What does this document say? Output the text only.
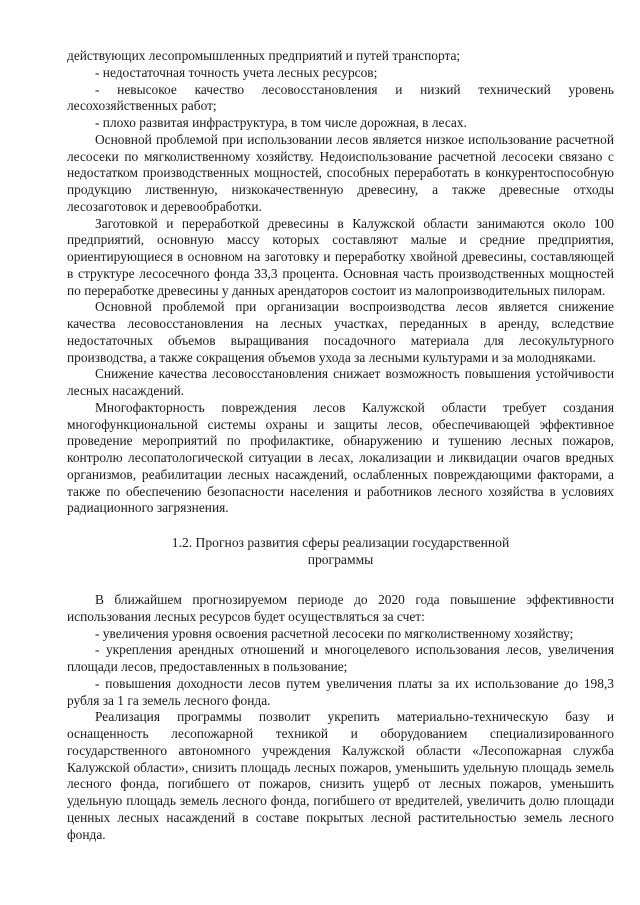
действующих лесопромышленных предприятий и путей транспорта;

- недостаточная точность учета лесных ресурсов;

- невысокое качество лесовосстановления и низкий технический уровень лесохозяйственных работ;

- плохо развитая инфраструктура, в том числе дорожная, в лесах.

Основной проблемой при использовании лесов является низкое использование расчетной лесосеки по мягколиственному хозяйству. Недоиспользование расчетной лесосеки связано с недостатком производственных мощностей, способных переработать в конкурентоспособную продукцию лиственную, низкокачественную древесину, а также древесные отходы лесозаготовок и деревообработки.

Заготовкой и переработкой древесины в Калужской области занимаются около 100 предприятий, основную массу которых составляют малые и средние предприятия, ориентирующиеся в основном на заготовку и переработку хвойной древесины, составляющей в структуре лесосечного фонда 33,3 процента. Основная часть производственных мощностей по переработке древесины у данных арендаторов состоит из малопроизводительных пилорам.

Основной проблемой при организации воспроизводства лесов является снижение качества лесовосстановления на лесных участках, переданных в аренду, вследствие недостаточных объемов выращивания посадочного материала для лесокультурного производства, а также сокращения объемов ухода за лесными культурами и за молодняками.

Снижение качества лесовосстановления снижает возможность повышения устойчивости лесных насаждений.

Многофакторность повреждения лесов Калужской области требует создания многофункциональной системы охраны и защиты лесов, обеспечивающей эффективное проведение мероприятий по профилактике, обнаружению и тушению лесных пожаров, контролю лесопатологической ситуации в лесах, локализации и ликвидации очагов вредных организмов, реабилитации лесных насаждений, ослабленных повреждающими факторами, а также по обеспечению безопасности населения и работников лесного хозяйства в условиях радиационного загрязнения.

1.2. Прогноз развития сферы реализации государственной
программы

В ближайшем прогнозируемом периоде до 2020 года повышение эффективности использования лесных ресурсов будет осуществляться за счет:

- увеличения уровня освоения расчетной лесосеки по мягколиственному хозяйству;

- укрепления арендных отношений и многоцелевого использования лесов, увеличения площади лесов, предоставленных в пользование;

- повышения доходности лесов путем увеличения платы за их использование до 198,3 рубля за 1 га земель лесного фонда.

Реализация программы позволит укрепить материально-техническую базу и оснащенность лесопожарной техникой и оборудованием специализированного государственного автономного учреждения Калужской области «Лесопожарная служба Калужской области», снизить площадь лесных пожаров, уменьшить удельную площадь земель лесного фонда, погибшего от пожаров, снизить ущерб от лесных пожаров, уменьшить удельную площадь земель лесного фонда, погибшего от вредителей, увеличить долю площади ценных лесных насаждений в составе покрытых лесной растительностью земель лесного фонда.
